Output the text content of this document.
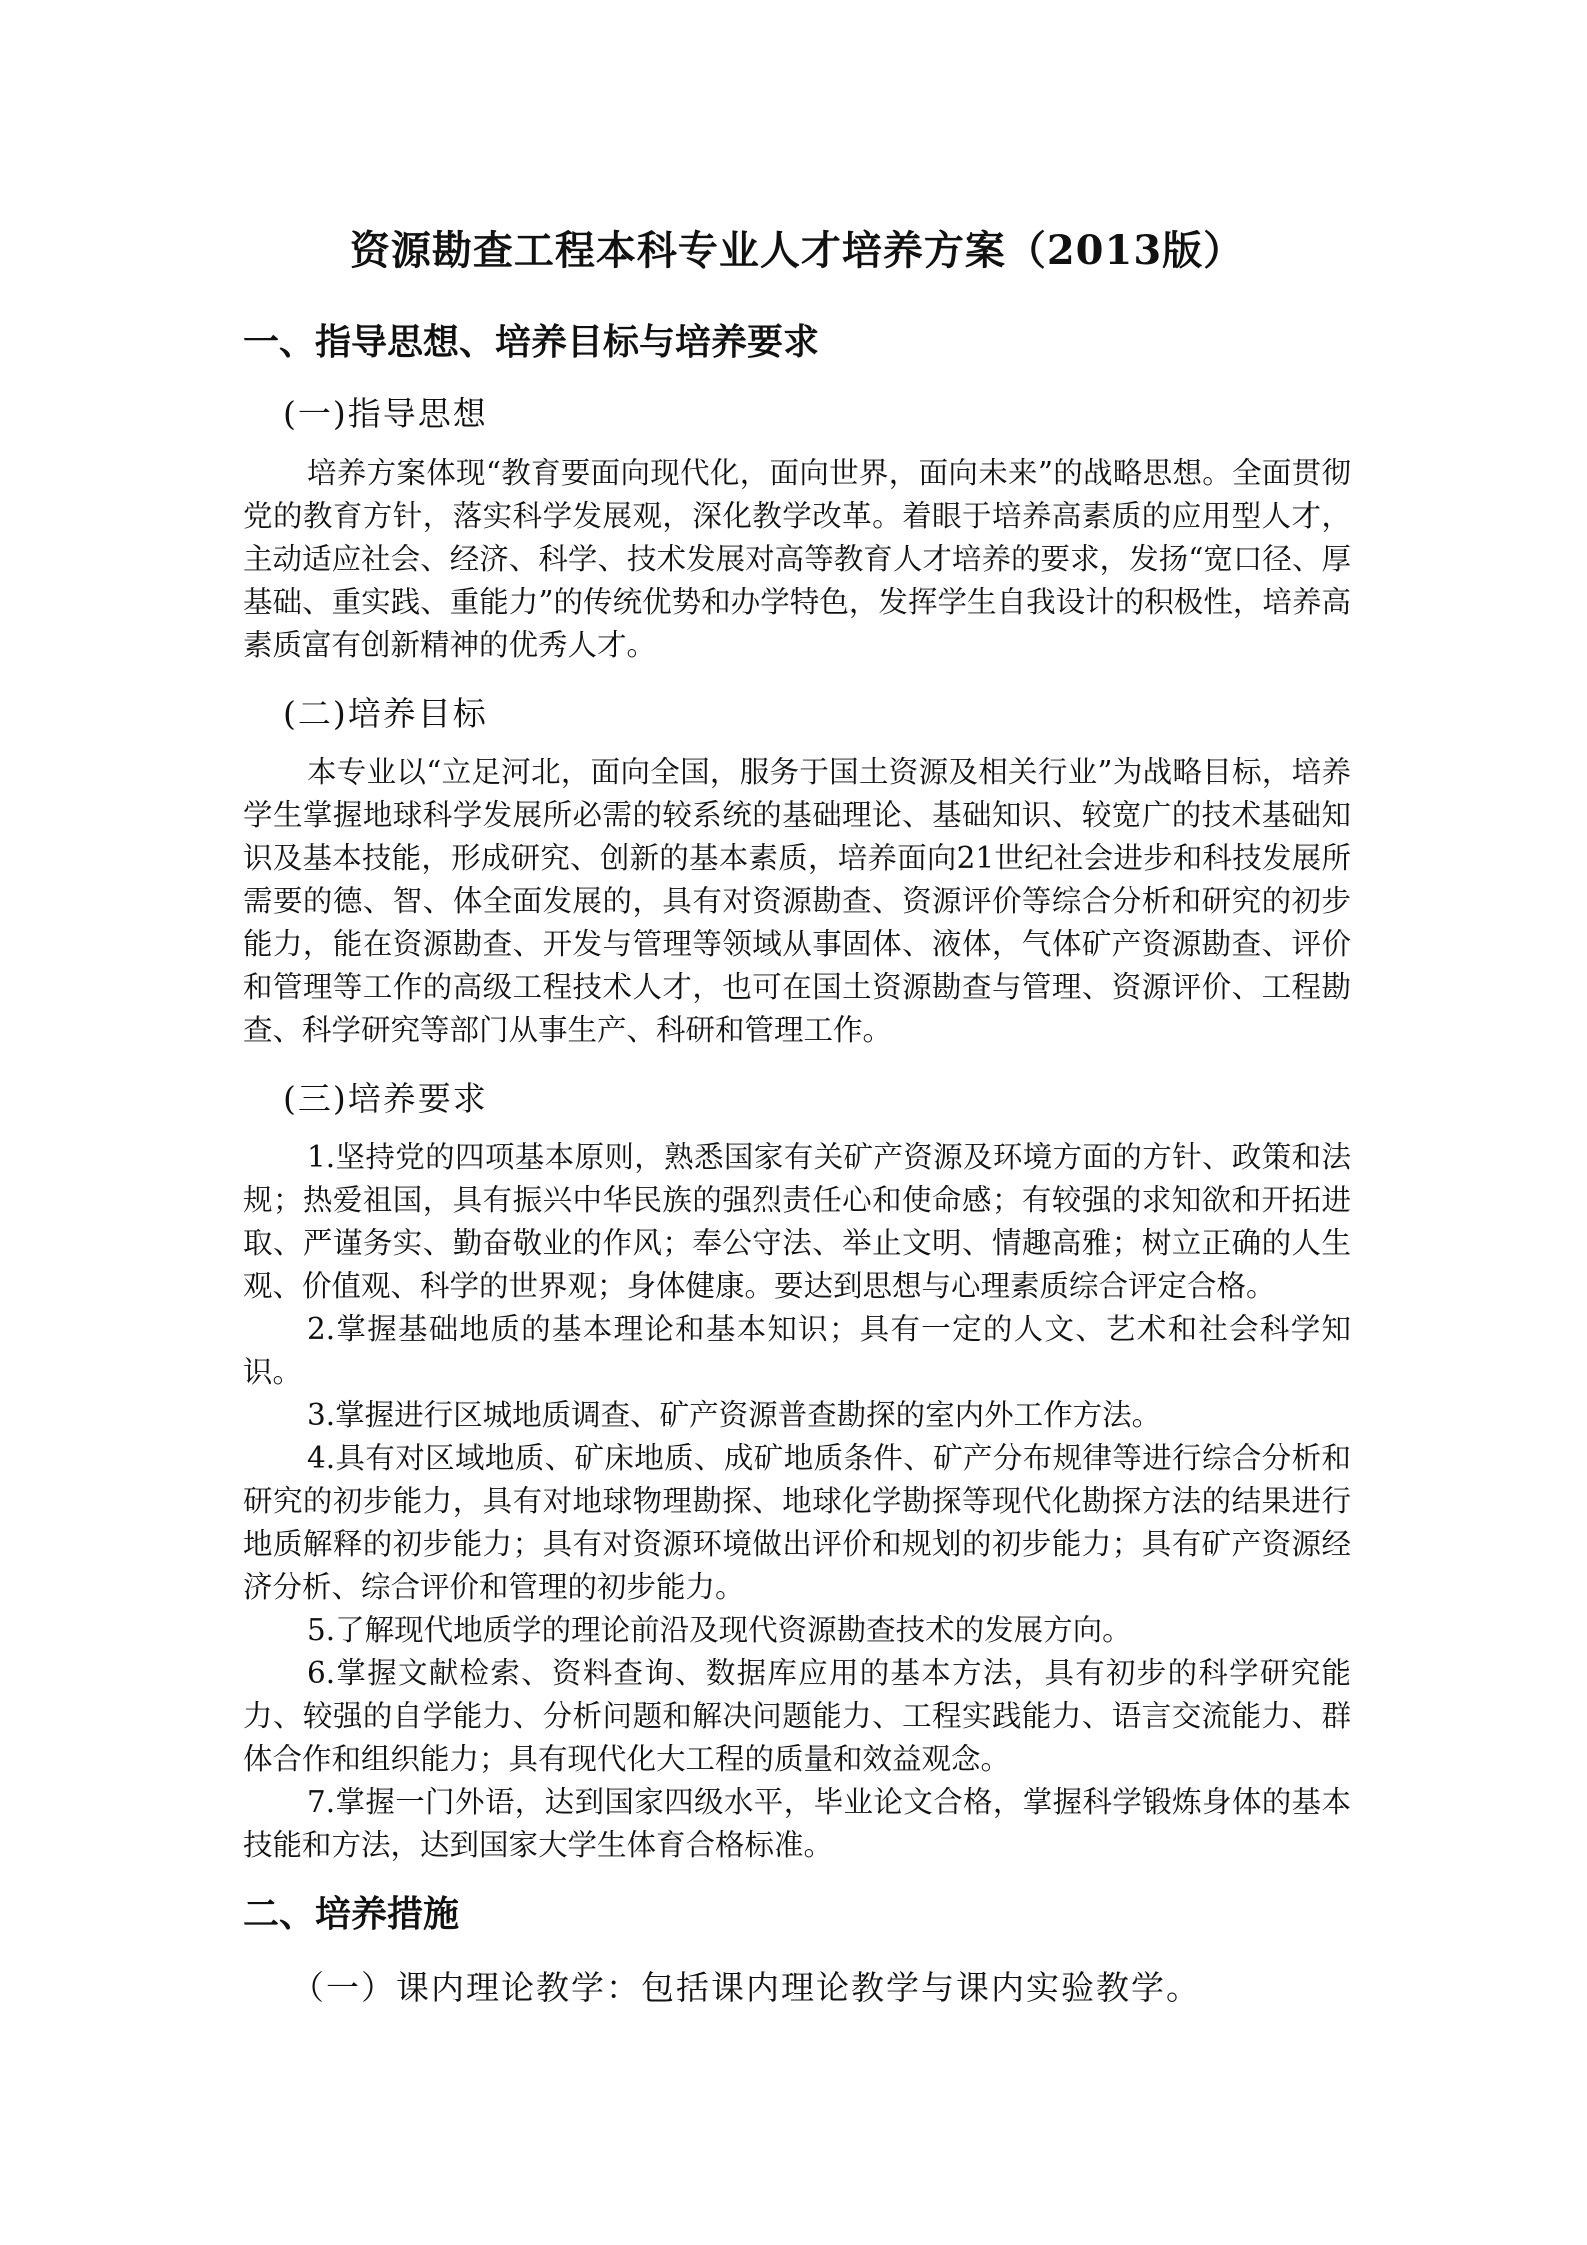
资源勘查工程本科专业人才培养方案（2013版）
一、指导思想、培养目标与培养要求
(一)指导思想

培养方案体现“教育要面向现代化，面向世界，面向未来”的战略思想。全面贯彻党的教育方针，落实科学发展观，深化教学改革。着眼于培养高素质的应用型人才，主动适应社会、经济、科学、技术发展对高等教育人才培养的要求，发扬“宽口径、厚基础、重实践、重能力”的传统优势和办学特色，发挥学生自我设计的积极性，培养高素质富有创新精神的优秀人才。

(二)培养目标

本专业以“立足河北，面向全国，服务于国土资源及相关行业”为战略目标，培养学生掌握地球科学发展所必需的较系统的基础理论、基础知识、较宽广的技术基础知识及基本技能，形成研究、创新的基本素质，培养面向21世纪社会进步和科技发展所需要的德、智、体全面发展的，具有对资源勘查、资源评价等综合分析和研究的初步能力，能在资源勘查、开发与管理等领域从事固体、液体，气体矿产资源勘查、评价和管理等工作的高级工程技术人才，也可在国土资源勘查与管理、资源评价、工程勘查、科学研究等部门从事生产、科研和管理工作。

(三)培养要求

1.坚持党的四项基本原则，熟悉国家有关矿产资源及环境方面的方针、政策和法规；热爱祖国，具有振兴中华民族的强烈责任心和使命感；有较强的求知欲和开拓进取、严谨务实、勤奋敬业的作风；奉公守法、举止文明、情趣高雅；树立正确的人生观、价值观、科学的世界观；身体健康。要达到思想与心理素质综合评定合格。

2.掌握基础地质的基本理论和基本知识；具有一定的人文、艺术和社会科学知识。

3.掌握进行区城地质调查、矿产资源普查勘探的室内外工作方法。

4.具有对区域地质、矿床地质、成矿地质条件、矿产分布规律等进行综合分析和研究的初步能力，具有对地球物理勘探、地球化学勘探等现代化勘探方法的结果进行地质解释的初步能力；具有对资源环境做出评价和规划的初步能力；具有矿产资源经济分析、综合评价和管理的初步能力。

5.了解现代地质学的理论前沿及现代资源勘查技术的发展方向。

6.掌握文献检索、资料查询、数据库应用的基本方法，具有初步的科学研究能力、较强的自学能力、分析问题和解决问题能力、工程实践能力、语言交流能力、群体合作和组织能力；具有现代化大工程的质量和效益观念。

7.掌握一门外语，达到国家四级水平，毕业论文合格，掌握科学锻炼身体的基本技能和方法，达到国家大学生体育合格标准。

二、培养措施
（一）课内理论教学：包括课内理论教学与课内实验教学。
